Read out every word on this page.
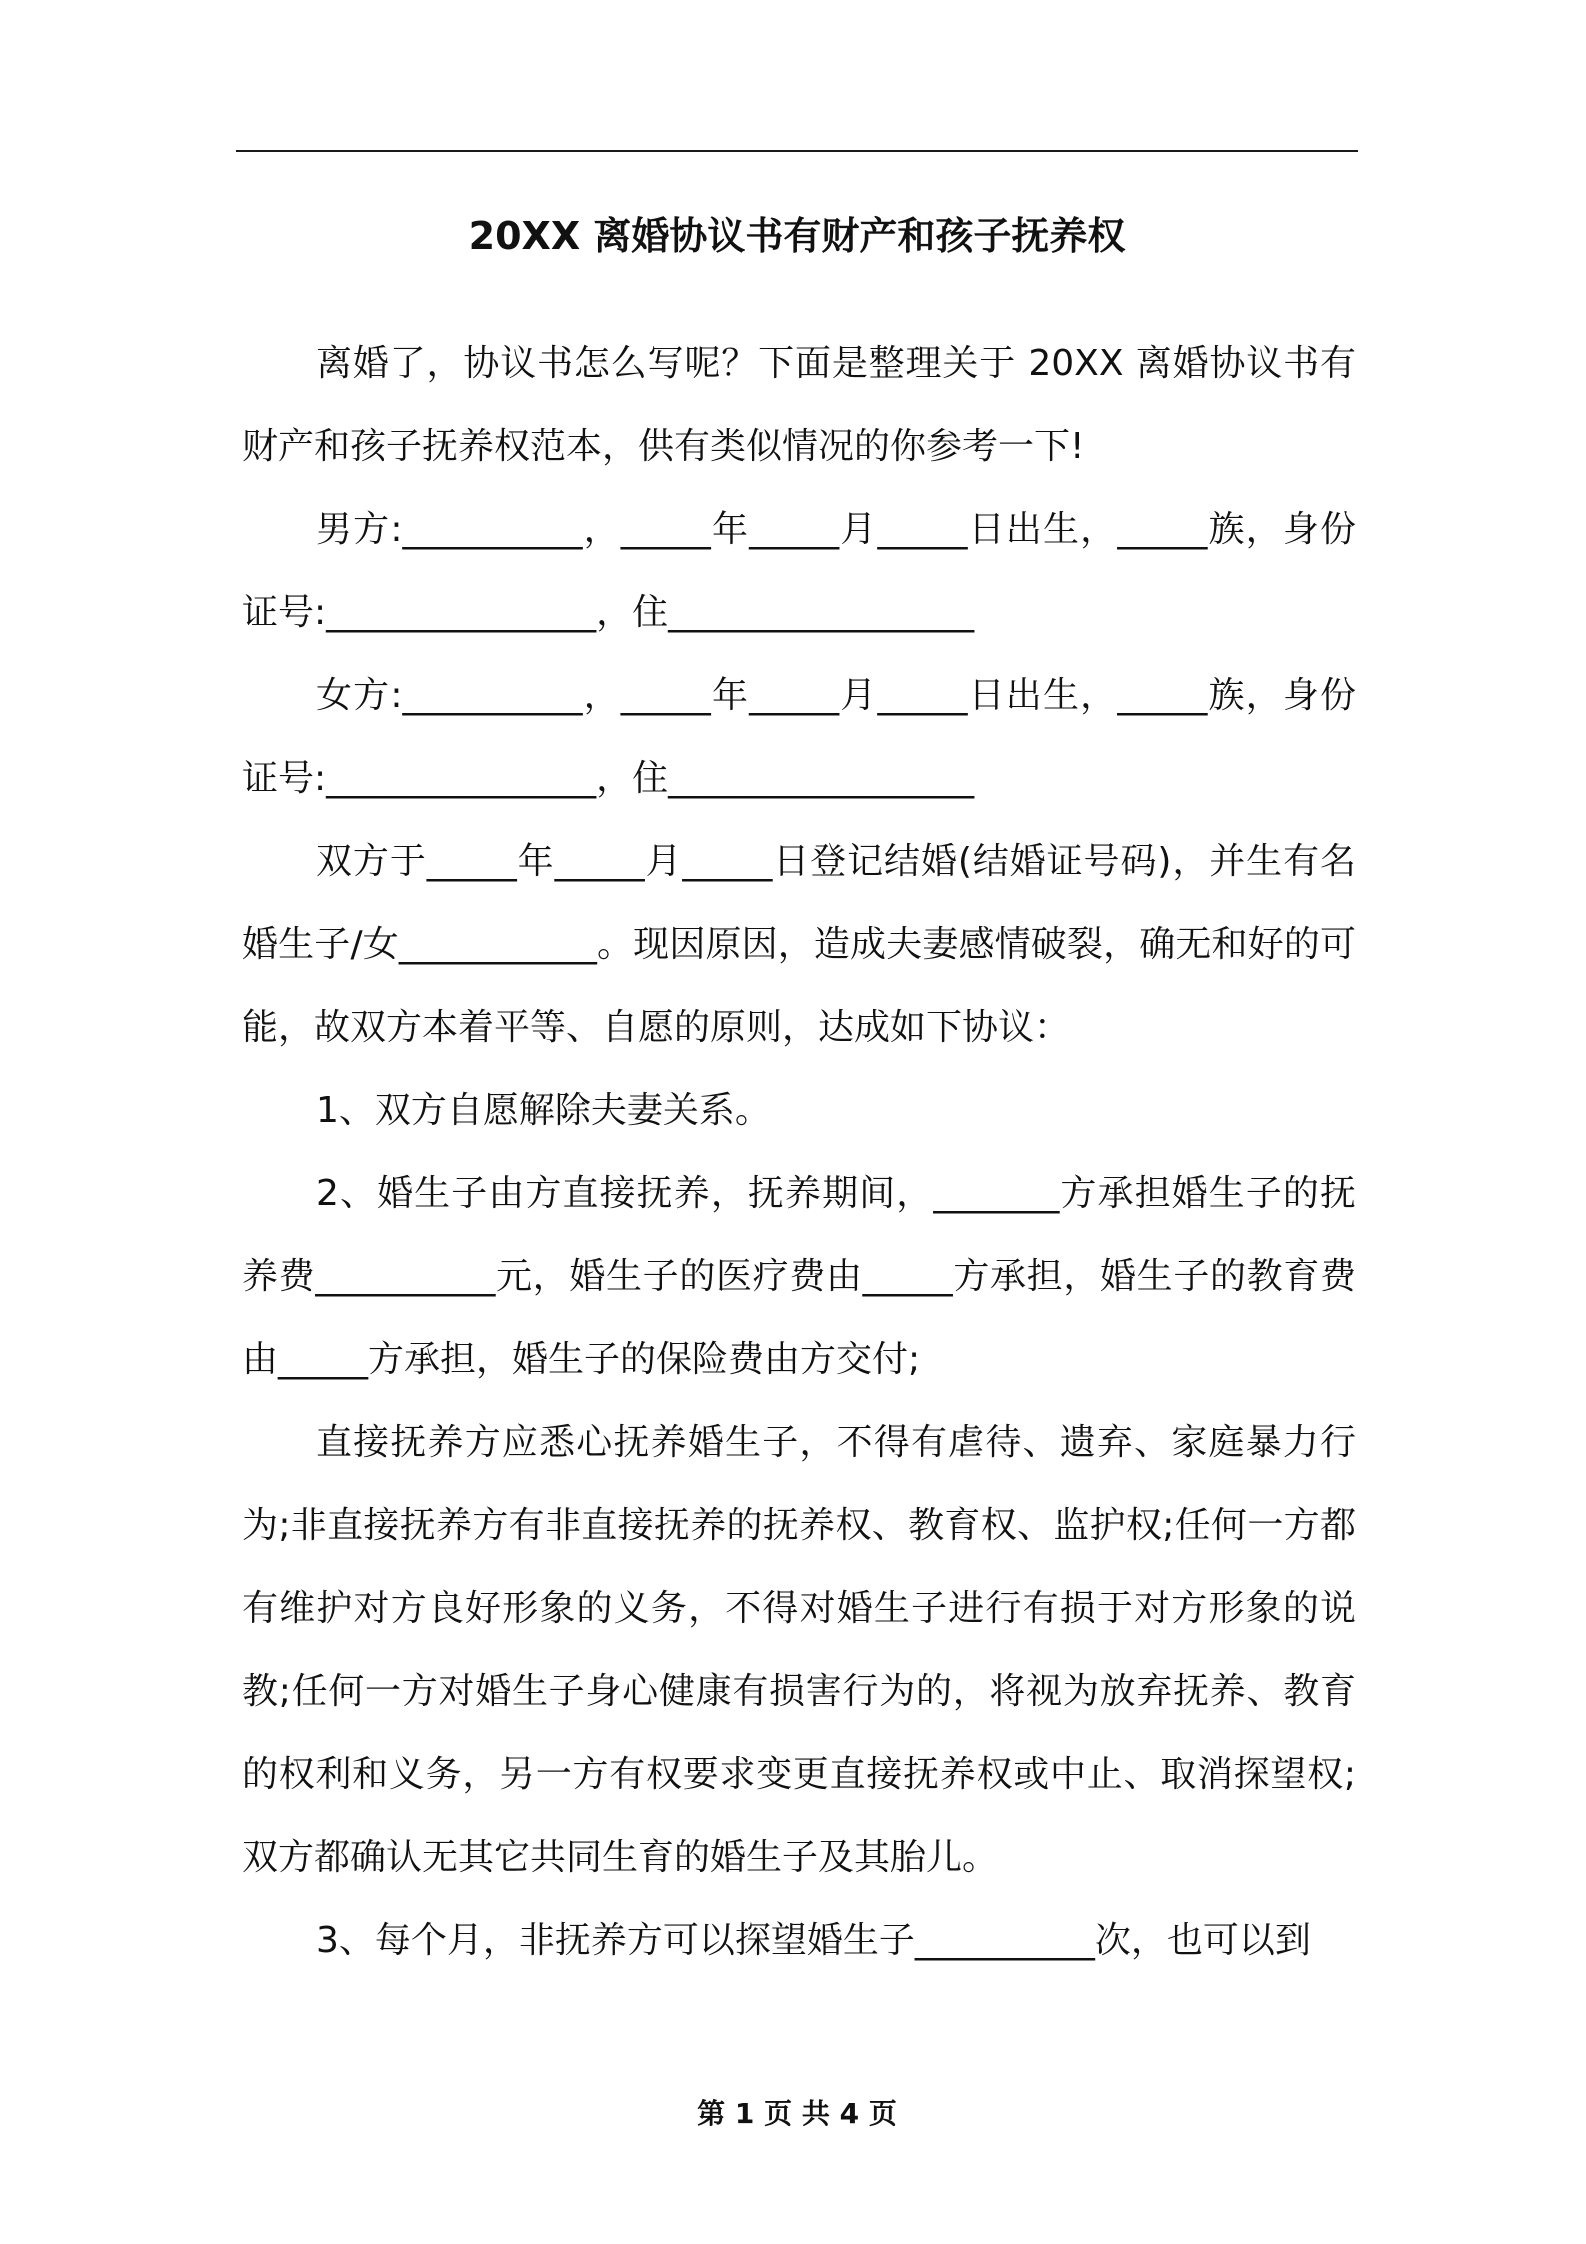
20XX 离婚协议书有财产和孩子抚养权

离婚了，协议书怎么写呢？下面是整理关于 20XX 离婚协议书有财产和孩子抚养权范本，供有类似情况的你参考一下!

男方:__________，_____年_____月_____日出生，_____族，身份证号:_______________，住_________________

女方:__________，_____年_____月_____日出生，_____族，身份证号:_______________，住_________________

双方于_____年_____月_____日登记结婚(结婚证号码)，并生有名婚生子/女___________。现因原因，造成夫妻感情破裂，确无和好的可能，故双方本着平等、自愿的原则，达成如下协议：

1、双方自愿解除夫妻关系。

2、婚生子由方直接抚养，抚养期间，_______方承担婚生子的抚养费__________元，婚生子的医疗费由_____方承担，婚生子的教育费由_____方承担，婚生子的保险费由方交付;

直接抚养方应悉心抚养婚生子，不得有虐待、遗弃、家庭暴力行为;非直接抚养方有非直接抚养的抚养权、教育权、监护权;任何一方都有维护对方良好形象的义务，不得对婚生子进行有损于对方形象的说教;任何一方对婚生子身心健康有损害行为的，将视为放弃抚养、教育的权利和义务，另一方有权要求变更直接抚养权或中止、取消探望权;双方都确认无其它共同生育的婚生子及其胎儿。

3、每个月，非抚养方可以探望婚生子__________次，也可以到

第 1 页 共 4 页
